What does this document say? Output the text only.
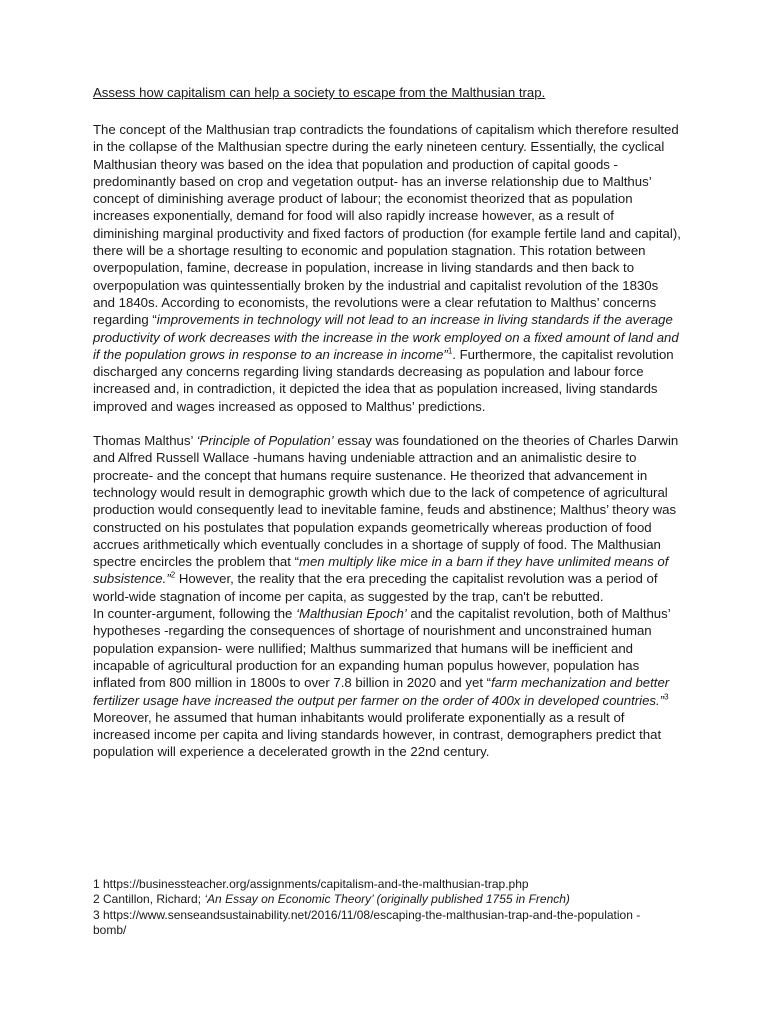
Assess how capitalism can help a society to escape from the Malthusian trap.

The concept of the Malthusian trap contradicts the foundations of capitalism which therefore resulted in the collapse of the Malthusian spectre during the early nineteen century. Essentially, the cyclical Malthusian theory was based on the idea that population and production of capital goods -predominantly based on crop and vegetation output- has an inverse relationship due to Malthus’ concept of diminishing average product of labour; the economist theorized that as population increases exponentially, demand for food will also rapidly increase however, as a result of diminishing marginal productivity and fixed factors of production (for example fertile land and capital), there will be a shortage resulting to economic and population stagnation. This rotation between overpopulation, famine, decrease in population, increase in living standards and then back to overpopulation was quintessentially broken by the industrial and capitalist revolution of the 1830s and 1840s. According to economists, the revolutions were a clear refutation to Malthus’ concerns regarding “improvements in technology will not lead to an increase in living standards if the average productivity of work decreases with the increase in the work employed on a fixed amount of land and if the population grows in response to an increase in income”$^1$. Furthermore, the capitalist revolution discharged any concerns regarding living standards decreasing as population and labour force increased and, in contradiction, it depicted the idea that as population increased, living standards improved and wages increased as opposed to Malthus’ predictions.

Thomas Malthus’ ‘Principle of Population’ essay was foundationed on the theories of Charles Darwin and Alfred Russell Wallace -humans having undeniable attraction and an animalistic desire to procreate- and the concept that humans require sustenance. He theorized that advancement in technology would result in demographic growth which due to the lack of competence of agricultural production would consequently lead to inevitable famine, feuds and abstinence; Malthus’ theory was constructed on his postulates that population expands geometrically whereas production of food accrues arithmetically which eventually concludes in a shortage of supply of food. The Malthusian spectre encircles the problem that “men multiply like mice in a barn if they have unlimited means of subsistence.”$^2$ However, the reality that the era preceding the capitalist revolution was a period of world-wide stagnation of income per capita, as suggested by the trap, can't be rebutted.

In counter-argument, following the ‘Malthusian Epoch’ and the capitalist revolution, both of Malthus’ hypotheses -regarding the consequences of shortage of nourishment and unconstrained human population expansion- were nullified; Malthus summarized that humans will be inefficient and incapable of agricultural production for an expanding human populus however, population has inflated from 800 million in 1800s to over 7.8 billion in 2020 and yet “farm mechanization and better fertilizer usage have increased the output per farmer on the order of 400x in developed countries.”$^3$ Moreover, he assumed that human inhabitants would proliferate exponentially as a result of increased income per capita and living standards however, in contrast, demographers predict that population will experience a decelerated growth in the 22nd century.

1 https://businessteacher.org/assignments/capitalism-and-the-malthusian-trap.php
2 Cantillon, Richard; ‘An Essay on Economic Theory’ (originally published 1755 in French)
3 https://www.senseandsustainability.net/2016/11/08/escaping-the-malthusian-trap-and-the-population -bomb/
